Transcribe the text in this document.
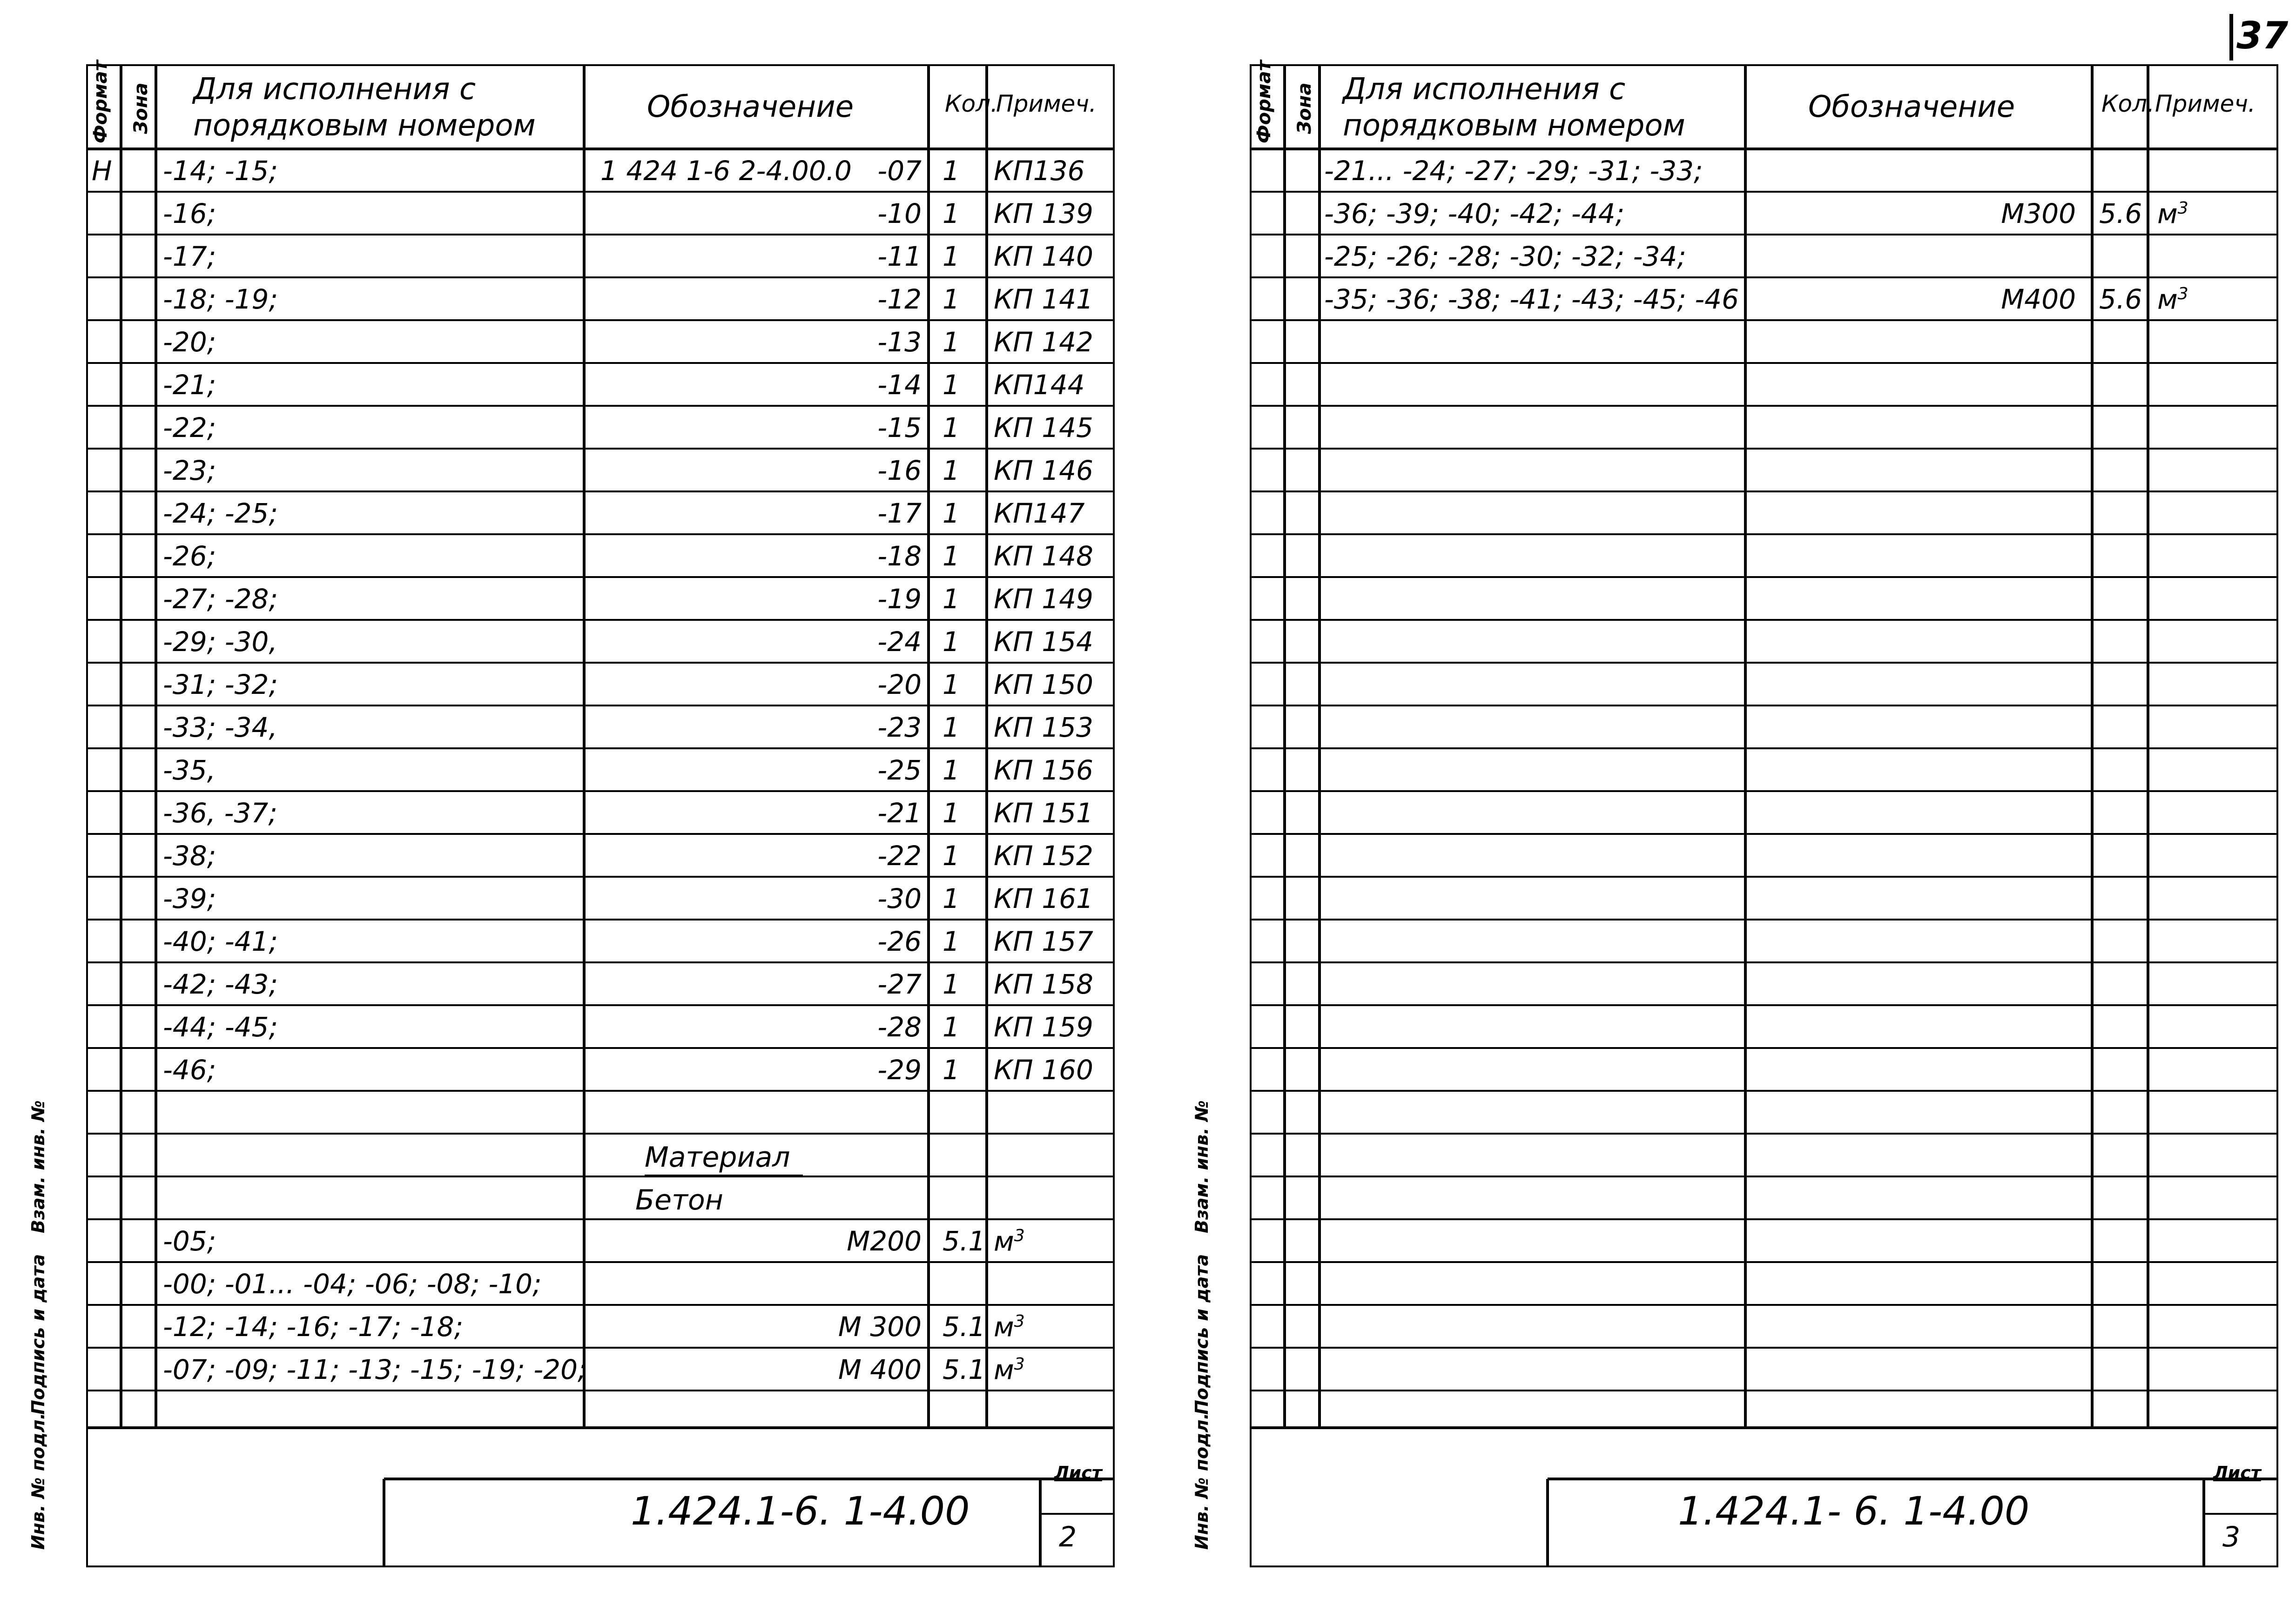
37
Формат Зона Для исполнения с
порядковым номером
Обозначение	Кол.
Примеч.
Н -14; -15;	1 424 1-6 2-4.00.0 -07 1 КП136
-16;	-10 1 КП 139
-17;	-11 1 КП 140
-18; -19;	-12 1 КП 141
-20;	-13 1 КП 142
-21;	-14 1 КП144
-22;	-15 1 КП 145
-23;	-16 1 КП 146
-24; -25;	-17 1 КП147
-26;	-18 1 КП 148
-27; -28;	-19 1 КП 149
-29; -30,	-24 1 КП 154
-31; -32;	-20 1 КП 150
-33; -34,	-23 1 КП 153
-35,	-25 1 КП 156
-36, -37;	-21 1 КП 151
-38;	-22 1 КП 152
-39;	-30 1 КП 161
-40; -41;	-26 1 КП 157
-42; -43;	-27 1 КП 158
-44; -45;	-28 1 КП 159
-46;	-29 1 КП 160
Материал
Бетон
-05;	М200 5.1 $м^3$
-00; -01... -04; -06; -08; -10;
-12; -14; -16; -17; -18;	М 300 5.1 $м^3$
-07; -09; -11; -13; -15; -19; -20;	М 400 5.1 $м^3$
1.424.1-6. 1-4.00
Лист
2
Инв. № подл.
Подпись и дата
Взам. инв. №
Формат Зона Для исполнения с
порядковым номером
Обозначение	Кол. Примеч.
-21... -24; -27; -29; -31; -33;
-36; -39; -40; -42; -44;	М300 5.6 $м^3$
-25; -26; -28; -30; -32; -34;
-35; -36; -38; -41; -43; -45; -46	М400 5.6 $м^3$
1.424.1- 6. 1-4.00
Лист
3
Инв. № подл.
Подпись и дата
Взам. инв. №
